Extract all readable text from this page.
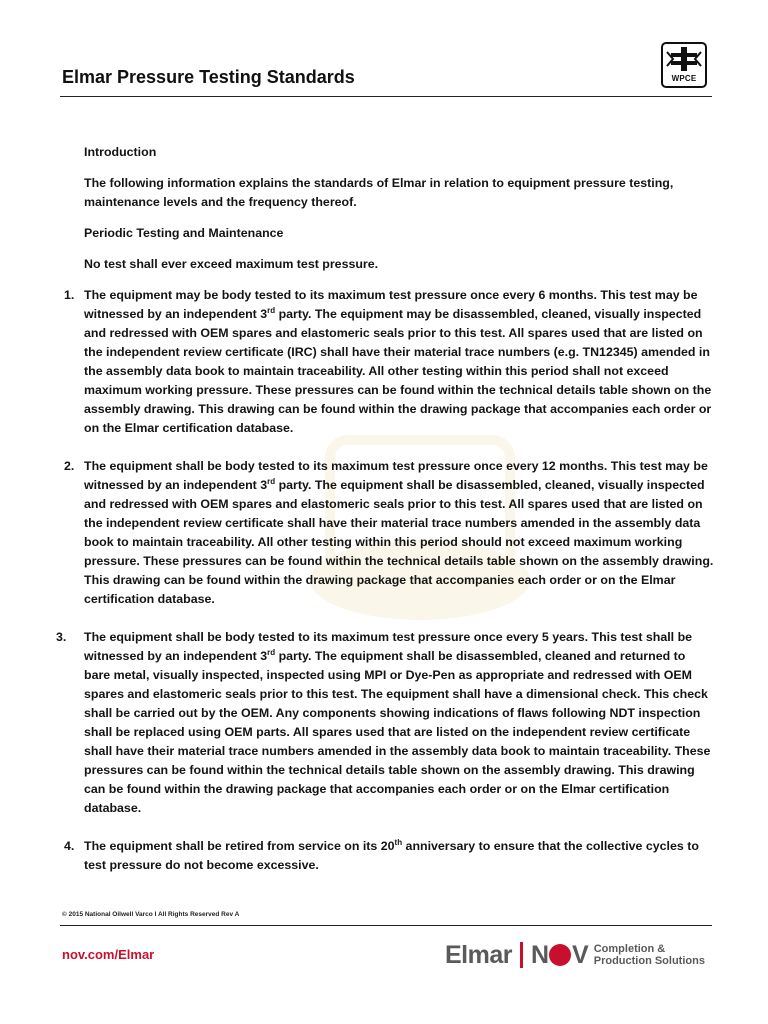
Elmar Pressure Testing Standards	WPCE

Introduction

The following information explains the standards of Elmar in relation to equipment pressure testing, maintenance levels and the frequency thereof.

Periodic Testing and Maintenance

No test shall ever exceed maximum test pressure.

1. The equipment may be body tested to its maximum test pressure once every 6 months. This test may be witnessed by an independent 3rd party. The equipment may be disassembled, cleaned, visually inspected and redressed with OEM spares and elastomeric seals prior to this test. All spares used that are listed on the independent review certificate (IRC) shall have their material trace numbers (e.g. TN12345) amended in the assembly data book to maintain traceability. All other testing within this period shall not exceed maximum working pressure. These pressures can be found within the technical details table shown on the assembly drawing. This drawing can be found within the drawing package that accompanies each order or on the Elmar certification database.
2. The equipment shall be body tested to its maximum test pressure once every 12 months. This test may be witnessed by an independent 3rd party. The equipment shall be disassembled, cleaned, visually inspected and redressed with OEM spares and elastomeric seals prior to this test. All spares used that are listed on the independent review certificate shall have their material trace numbers amended in the assembly data book to maintain traceability. All other testing within this period should not exceed maximum working pressure. These pressures can be found within the technical details table shown on the assembly drawing. This drawing can be found within the drawing package that accompanies each order or on the Elmar certification database.
3. The equipment shall be body tested to its maximum test pressure once every 5 years. This test shall be witnessed by an independent 3rd party. The equipment shall be disassembled, cleaned and returned to bare metal, visually inspected, inspected using MPI or Dye-Pen as appropriate and redressed with OEM spares and elastomeric seals prior to this test. The equipment shall have a dimensional check. This check shall be carried out by the OEM. Any components showing indications of flaws following NDT inspection shall be replaced using OEM parts. All spares used that are listed on the independent review certificate shall have their material trace numbers amended in the assembly data book to maintain traceability. These pressures can be found within the technical details table shown on the assembly drawing. This drawing can be found within the drawing package that accompanies each order or on the Elmar certification database.
4. The equipment shall be retired from service on its 20th anniversary to ensure that the collective cycles to test pressure do not become excessive.
© 2015 National Oilwell Varco I All Rights Reserved Rev A
nov.com/Elmar	Elmar N V Completion &
Production Solutions
